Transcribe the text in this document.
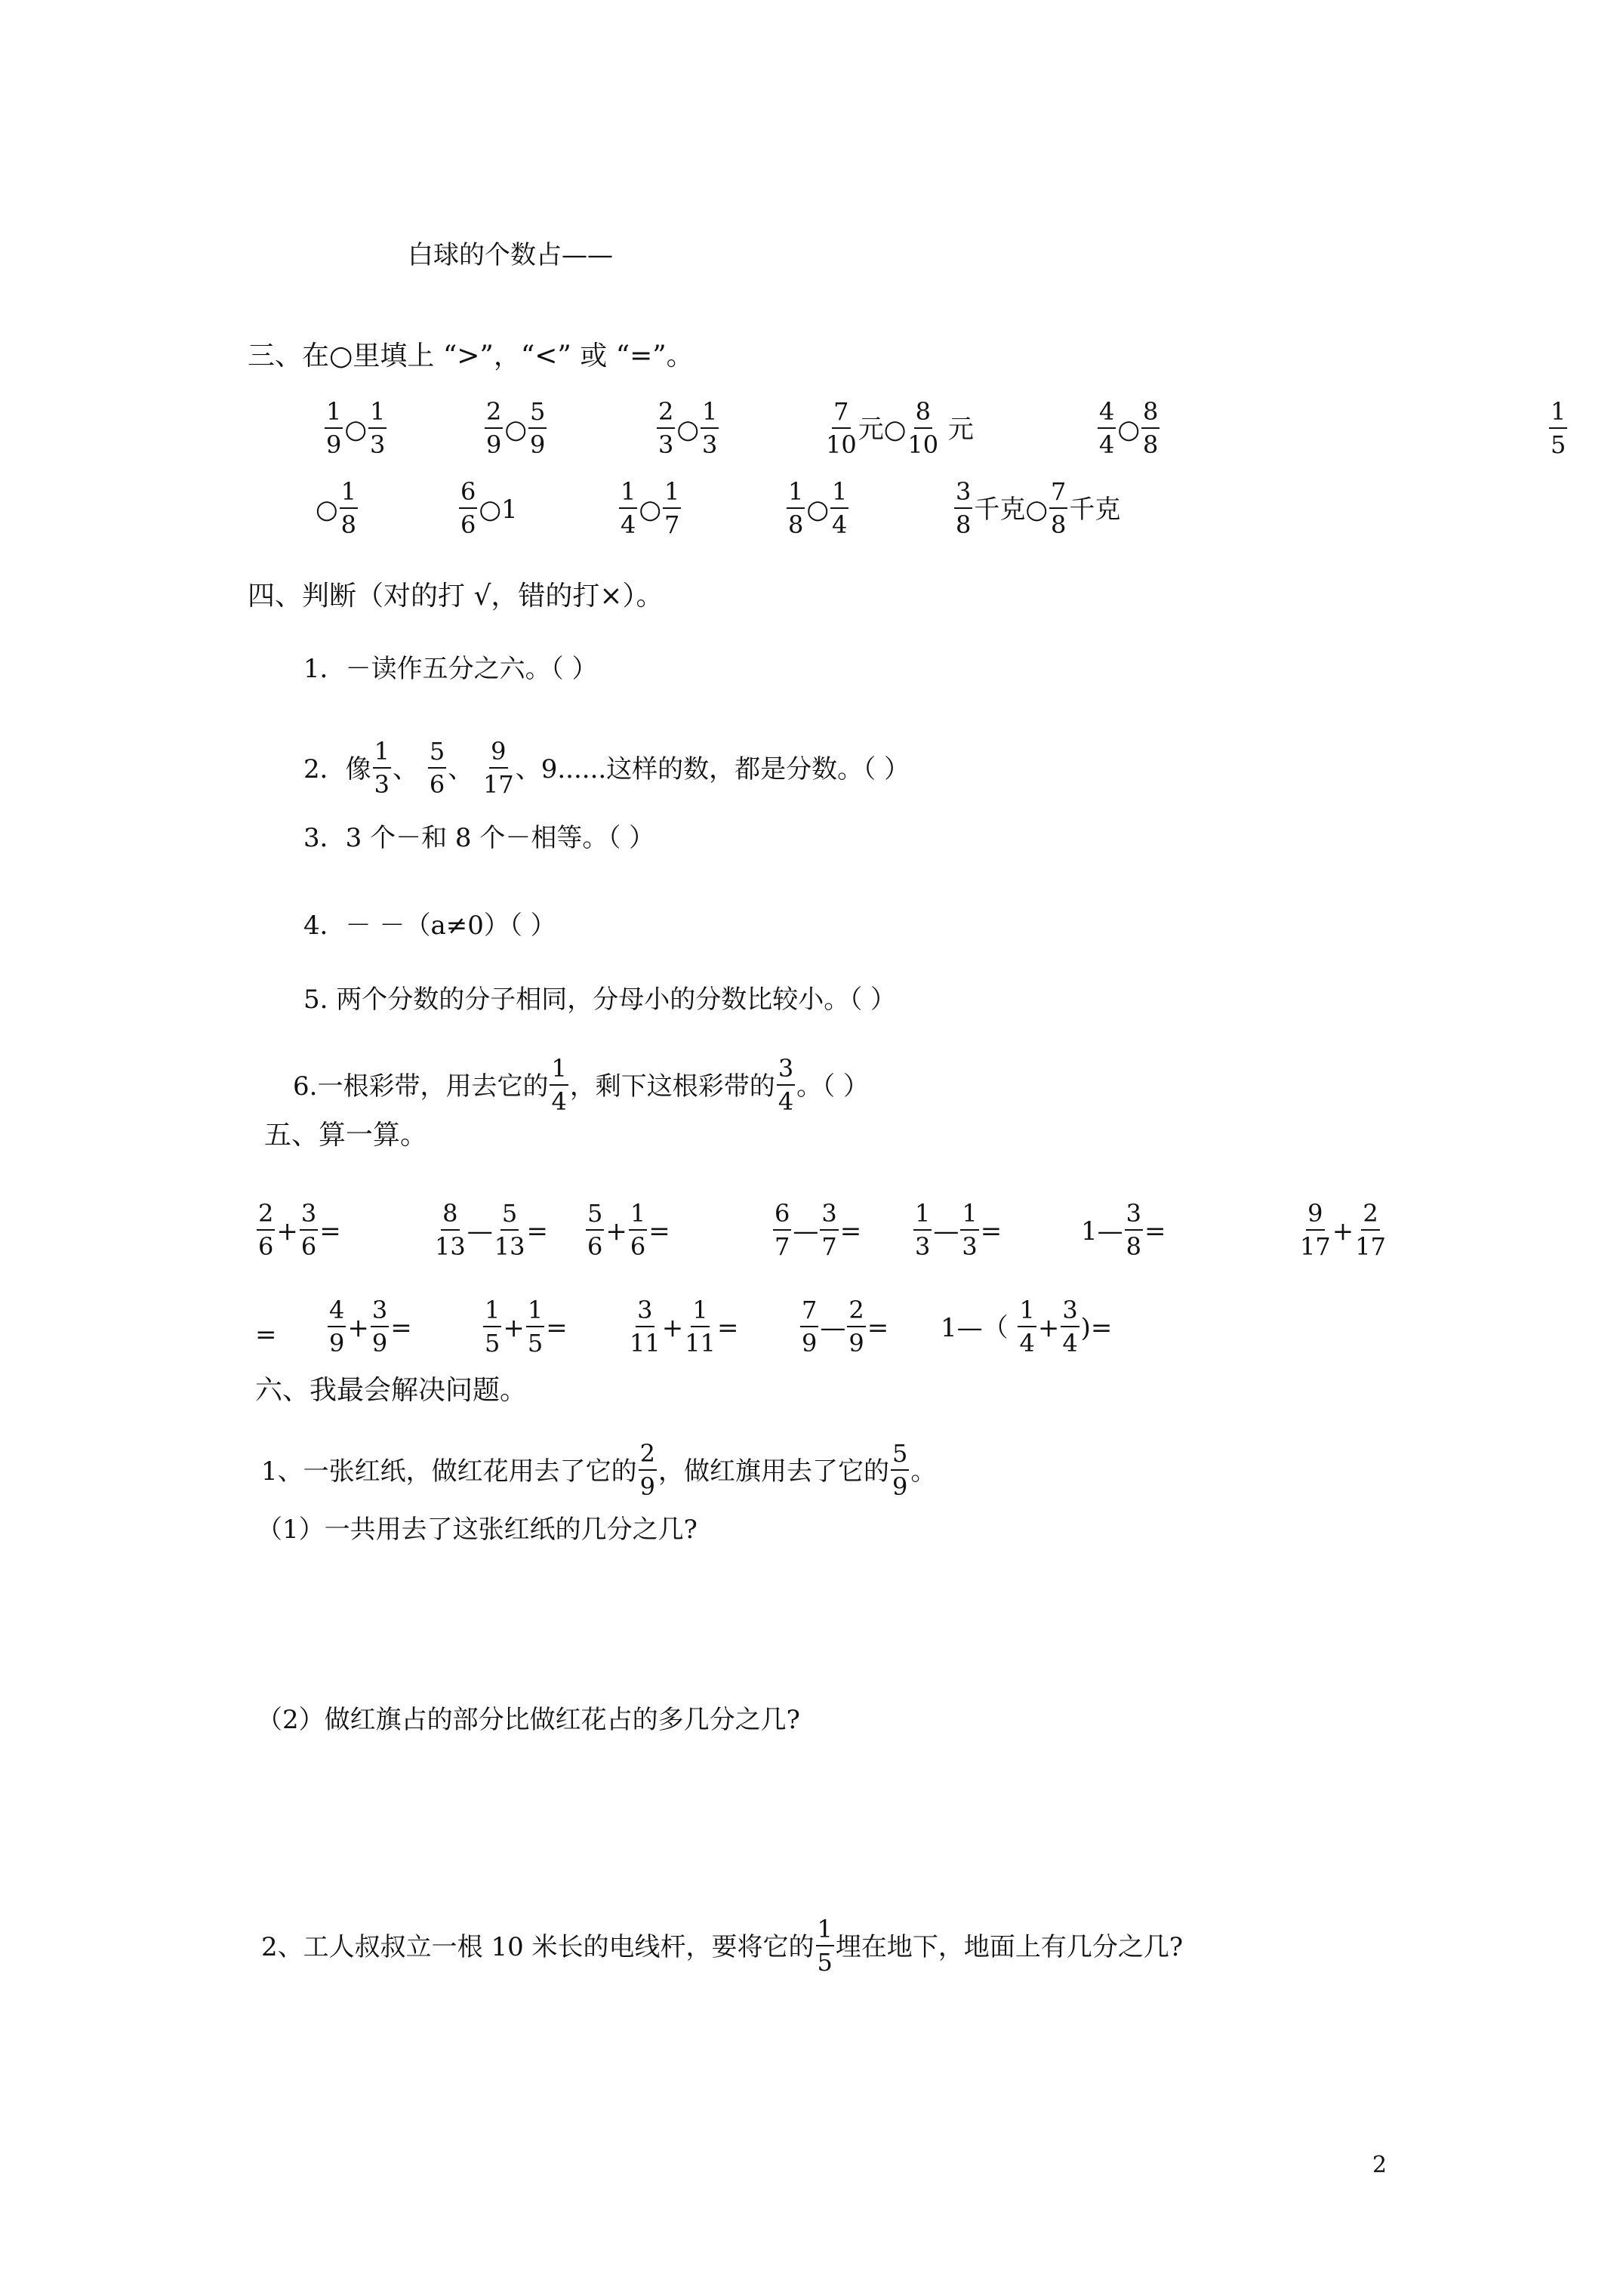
白球的个数占——
三、在○里填上 “>”，“<” 或 “=”。
$\frac{1}{9}$ ○ $\frac{1}{3}$	$\frac{2}{9}$ ○ $\frac{5}{9}$	$\frac{2}{3}$ ○ $\frac{1}{3}$	$\frac{7}{10}$ 元○ $\frac{8}{10}$ 元	$\frac{4}{4}$ ○ $\frac{8}{8}$	$\frac{1}{5}$
○ $\frac{1}{8}$	$\frac{6}{6}$ ○1	$\frac{1}{4}$ ○ $\frac{1}{7}$	$\frac{1}{8}$ ○ $\frac{1}{4}$	$\frac{3}{8}$ 千克○ $\frac{7}{8}$ 千克
四、判断（对的打 √，错的打×）。
1．－读作五分之六。（ ）
2．像 $\frac{1}{3}$ 、 $\frac{5}{6}$ 、 $\frac{9}{17}$ 、9......这样的数，都是分数。（ ）
3．3 个－和 8 个－相等。（ ）
4．－ －（a≠0）（ ）
5. 两个分数的分子相同，分母小的分数比较小。（ ）
6.一根彩带，用去它的 $\frac{1}{4}$ ，剩下这根彩带的 $\frac{3}{4}$ 。（ ）
五、算一算。
$\frac{2}{6} + \frac{3}{6}$ =	$\frac{8}{13}$ — $\frac{5}{13} = \frac{5}{6} + \frac{1}{6}$ =	$\frac{6}{7}$ — $\frac{3}{7} = \frac{1}{3}$ — $\frac{1}{3}$ =	1— $\frac{3}{8}$ =	$\frac{9}{17} + \frac{2}{17}$
= $\frac{4}{9} + \frac{3}{9}$ =	$\frac{1}{5} + \frac{1}{5}$ =	$\frac{3}{11} + \frac{1}{11}$ =	$\frac{7}{9}$ — $\frac{2}{9}$ = 1—（ $\frac{1}{4} + \frac{3}{4}$ )=
六、我最会解决问题。
1、一张红纸，做红花用去了它的 $\frac{2}{9}$ ，做红旗用去了它的 $\frac{5}{9}$ 。
（1）一共用去了这张红纸的几分之几?
（2）做红旗占的部分比做红花占的多几分之几?
2、工人叔叔立一根 10 米长的电线杆，要将它的 $\frac{1}{5}$ 埋在地下，地面上有几分之几?
2
